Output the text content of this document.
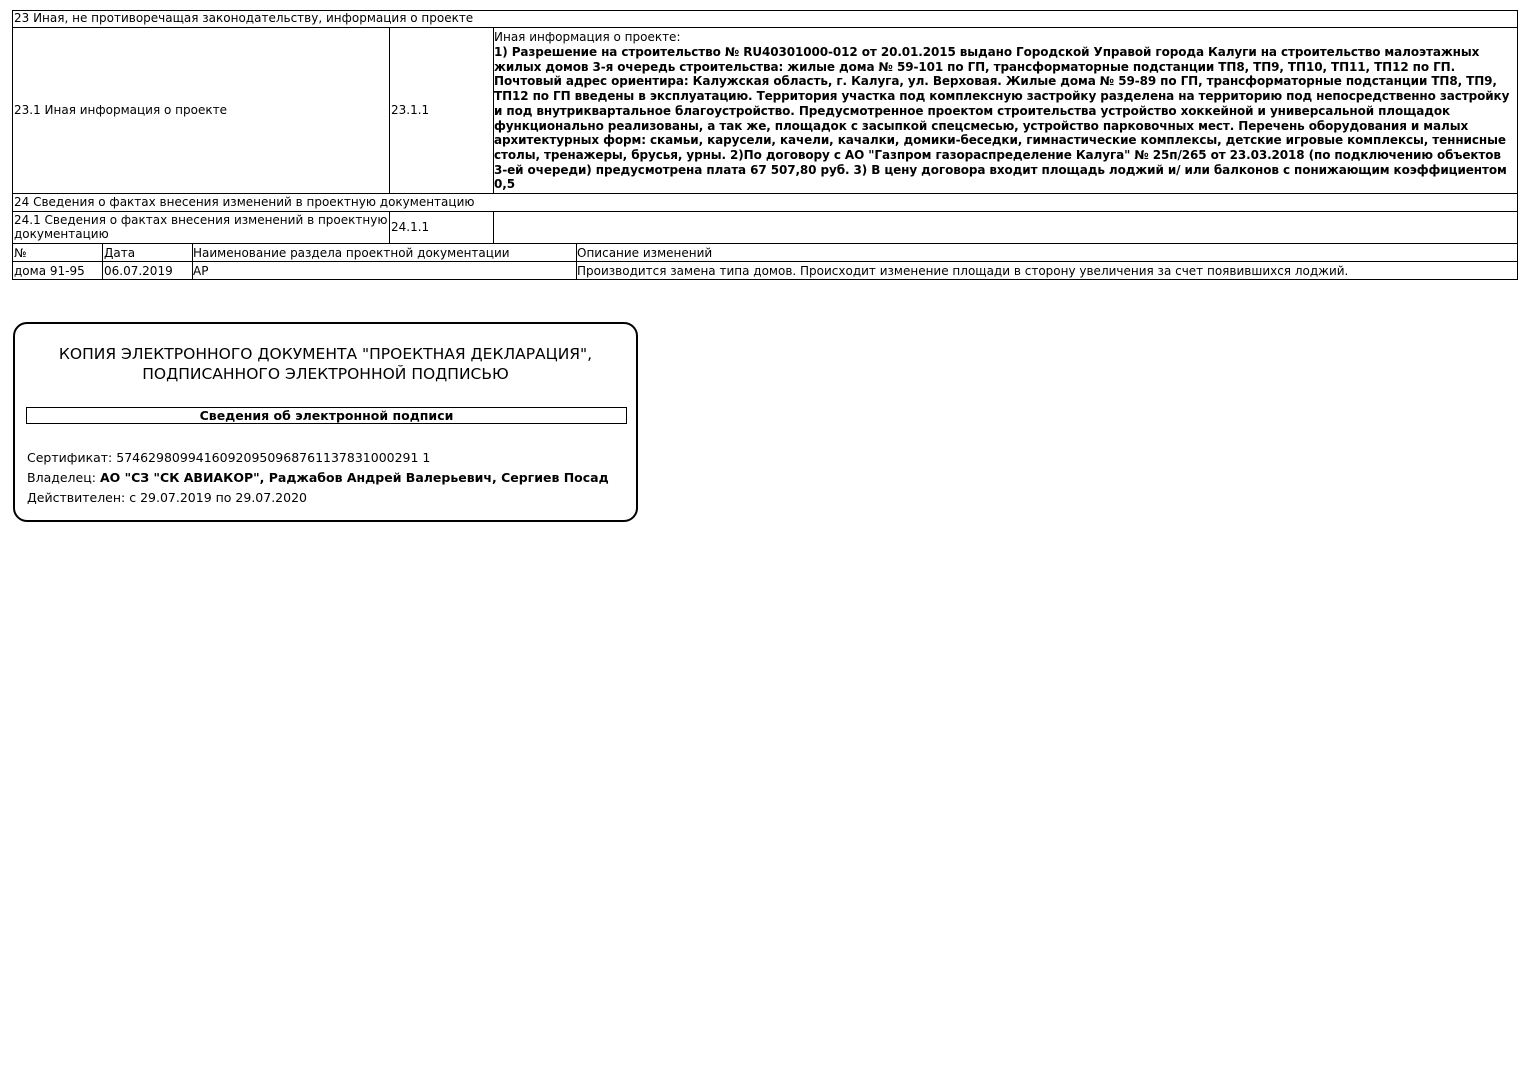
23 Иная, не противоречащая законодательству, информация о проекте
23.1 Иная информация о проекте	23.1.1
Иная информация о проекте:
1) Разрешение на строительство № RU40301000-012 от 20.01.2015 выдано Городской Управой города Калуги на строительство малоэтажных жилых домов 3-я очередь строительства: жилые дома № 59-101 по ГП, трансформаторные подстанции ТП8, ТП9, ТП10, ТП11, ТП12 по ГП. Почтовый адрес ориентира: Калужская область, г. Калуга, ул. Верховая. Жилые дома № 59-89 по ГП, трансформаторные подстанции ТП8, ТП9, ТП12 по ГП введены в эксплуатацию. Территория участка под комплексную застройку разделена на территорию под непосредственно застройку и под внутриквартальное благоустройство. Предусмотренное проектом строительства устройство хоккейной и универсальной площадок функционально реализованы, а так же, площадок с засыпкой спецсмесью, устройство парковочных мест. Перечень оборудования и малых архитектурных форм: скамьи, карусели, качели, качалки, домики-беседки, гимнастические комплексы, детские игровые комплексы, теннисные столы, тренажеры, брусья, урны. 2)По договору с АО "Газпром газораспределение Калуга" № 25п/265 от 23.03.2018 (по подключению объектов 3-ей очереди) предусмотрена плата 67 507,80 руб. 3) В цену договора входит площадь лоджий и/ или балконов с понижающим коэффициентом 0,5
24 Сведения о фактах внесения изменений в проектную документацию
24.1 Сведения о фактах внесения изменений в проектную
документацию	24.1.1
№	Дата	Наименование раздела проектной документации	Описание изменений
дома 91-95 06.07.2019 АР	Производится замена типа домов. Происходит изменение площади в сторону увеличения за счет появившихся лоджий.
КОПИЯ ЭЛЕКТРОННОГО ДОКУМЕНТА "ПРОЕКТНАЯ ДЕКЛАРАЦИЯ",
ПОДПИСАННОГО ЭЛЕКТРОННОЙ ПОДПИСЬЮ
Сведения об электронной подписи
Сертификат: 57462980994160920950968761137831000291 1
Владелец: АО "СЗ "СК АВИАКОР", Раджабов Андрей Валерьевич, Сергиев Посад
Действителен: с 29.07.2019 по 29.07.2020
